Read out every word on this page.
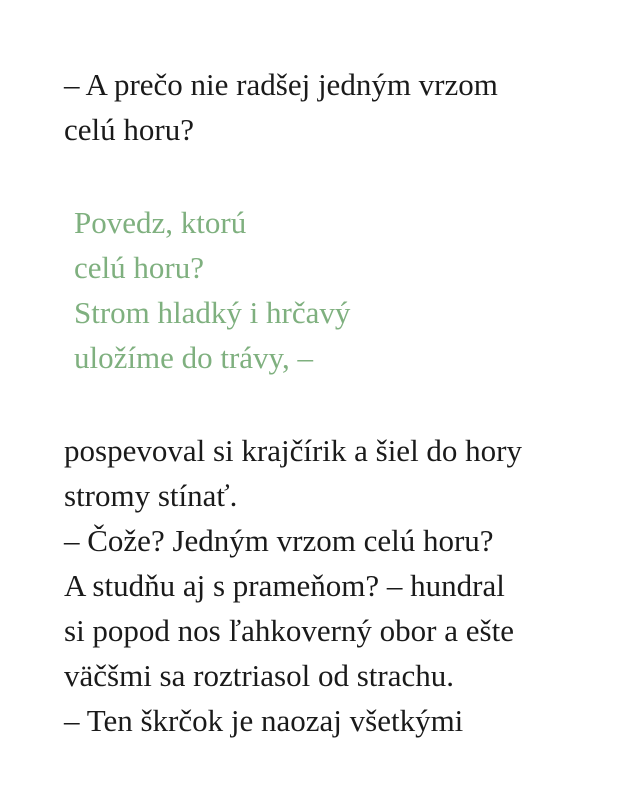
– A prečo nie radšej jedným vrzom
celú horu?

Povedz, ktorú
celú horu?
Strom hladký i hrčavý
uložíme do trávy, –

pospevoval si krajčírik a šiel do hory
stromy stínať.
– Čože? Jedným vrzom celú horu?
A studňu aj s prameňom? – hundral
si popod nos ľahkoverný obor a ešte
väčšmi sa roztriasol od strachu.
– Ten škrčok je naozaj všetkými
